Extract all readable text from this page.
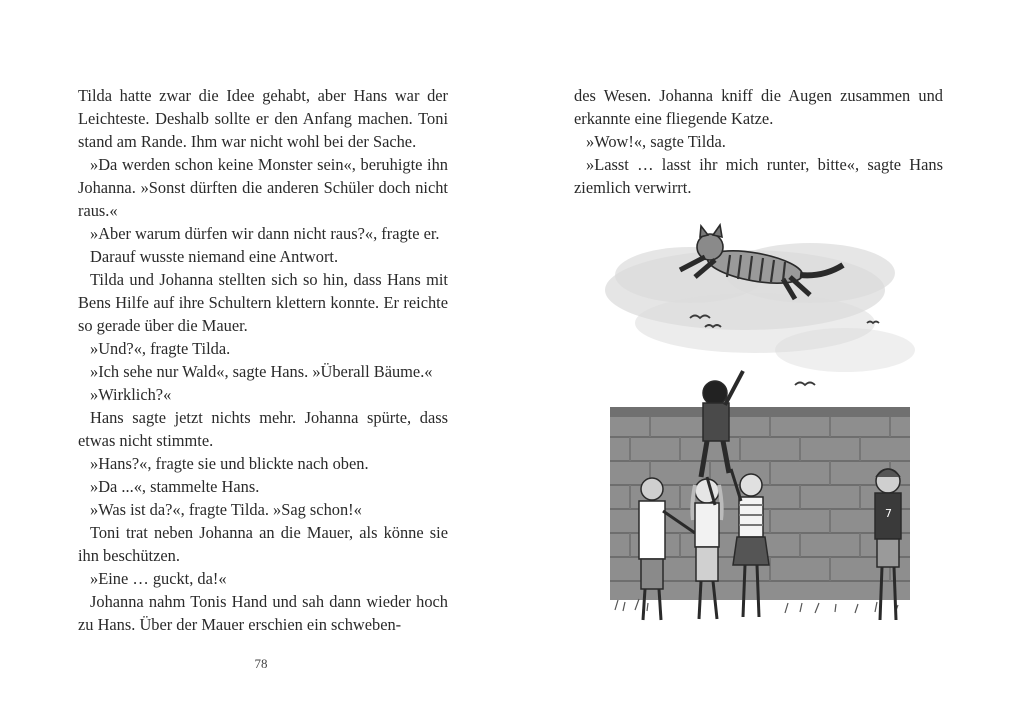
Tilda hatte zwar die Idee gehabt, aber Hans war der Leichteste. Deshalb sollte er den Anfang machen. Toni stand am Rande. Ihm war nicht wohl bei der Sache.

»Da werden schon keine Monster sein«, beruhigte ihn Johanna. »Sonst dürften die anderen Schüler doch nicht raus.«

»Aber warum dürfen wir dann nicht raus?«, fragte er.

Darauf wusste niemand eine Antwort.

Tilda und Johanna stellten sich so hin, dass Hans mit Bens Hilfe auf ihre Schultern klettern konnte. Er reichte so gerade über die Mauer.

»Und?«, fragte Tilda.

»Ich sehe nur Wald«, sagte Hans. »Überall Bäume.«

»Wirklich?«

Hans sagte jetzt nichts mehr. Johanna spürte, dass etwas nicht stimmte.

»Hans?«, fragte sie und blickte nach oben.

»Da ...«, stammelte Hans.

»Was ist da?«, fragte Tilda. »Sag schon!«

Toni trat neben Johanna an die Mauer, als könne sie ihn beschützen.

»Eine … guckt, da!«

Johanna nahm Tonis Hand und sah dann wieder hoch zu Hans. Über der Mauer erschien ein schweben-

78

des Wesen. Johanna kniff die Augen zusammen und erkannte eine fliegende Katze.

»Wow!«, sagte Tilda.

»Lasst … lasst ihr mich runter, bitte«, sagte Hans ziemlich verwirrt.

7
